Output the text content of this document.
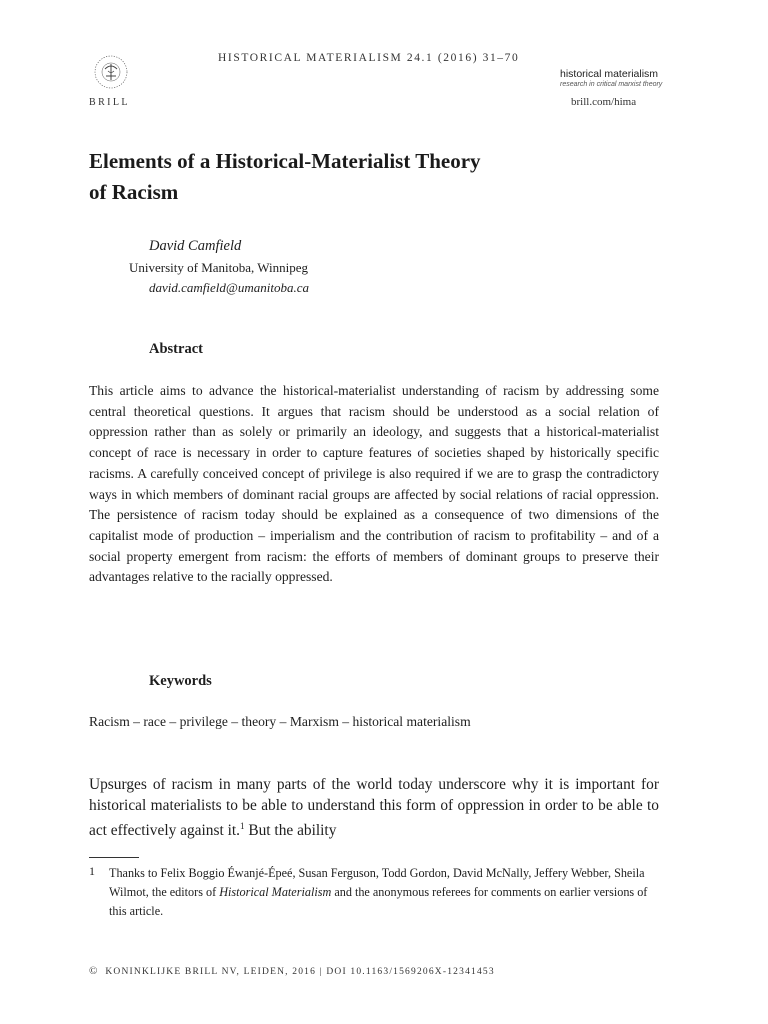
BRILL
HISTORICAL MATERIALISM 24.1 (2016) 31–70
historical materialism
research in critical marxist theory
brill.com/hima
Elements of a Historical-Materialist Theory
of Racism
David Camfield
University of Manitoba, Winnipeg
david.camfield@umanitoba.ca
Abstract
This article aims to advance the historical-materialist understanding of racism by addressing some central theoretical questions. It argues that racism should be understood as a social relation of oppression rather than as solely or primarily an ideology, and suggests that a historical-materialist concept of race is necessary in order to capture features of societies shaped by historically specific racisms. A carefully conceived concept of privilege is also required if we are to grasp the contradictory ways in which members of dominant racial groups are affected by social relations of racial oppression. The persistence of racism today should be explained as a consequence of two dimensions of the capitalist mode of production – imperialism and the contribution of racism to profitability – and of a social property emergent from racism: the efforts of members of dominant groups to preserve their advantages relative to the racially oppressed.
Keywords
Racism – race – privilege – theory – Marxism – historical materialism
Upsurges of racism in many parts of the world today underscore why it is important for historical materialists to be able to understand this form of oppression in order to be able to act effectively against it.$^1$ But the ability
1 Thanks to Felix Boggio Éwanjé-Épeé, Susan Ferguson, Todd Gordon, David McNally, Jeffery Webber, Sheila Wilmot, the editors of Historical Materialism and the anonymous referees for comments on earlier versions of this article.
© KONINKLIJKE BRILL NV, LEIDEN, 2016 | DOI 10.1163/1569206X-12341453
